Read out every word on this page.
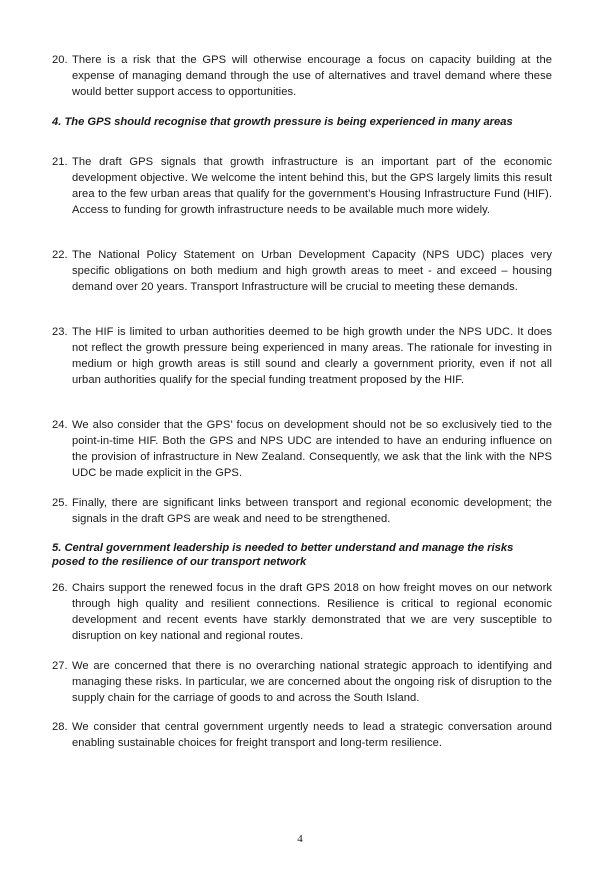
20. There is a risk that the GPS will otherwise encourage a focus on capacity building at the expense of managing demand through the use of alternatives and travel demand where these would better support access to opportunities.
4. The GPS should recognise that growth pressure is being experienced in many areas
21. The draft GPS signals that growth infrastructure is an important part of the economic development objective. We welcome the intent behind this, but the GPS largely limits this result area to the few urban areas that qualify for the government’s Housing Infrastructure Fund (HIF). Access to funding for growth infrastructure needs to be available much more widely.
22. The National Policy Statement on Urban Development Capacity (NPS UDC) places very specific obligations on both medium and high growth areas to meet - and exceed – housing demand over 20 years. Transport Infrastructure will be crucial to meeting these demands.
23. The HIF is limited to urban authorities deemed to be high growth under the NPS UDC. It does not reflect the growth pressure being experienced in many areas. The rationale for investing in medium or high growth areas is still sound and clearly a government priority, even if not all urban authorities qualify for the special funding treatment proposed by the HIF.
24. We also consider that the GPS’ focus on development should not be so exclusively tied to the point-in-time HIF. Both the GPS and NPS UDC are intended to have an enduring influence on the provision of infrastructure in New Zealand. Consequently, we ask that the link with the NPS UDC be made explicit in the GPS.
25. Finally, there are significant links between transport and regional economic development; the signals in the draft GPS are weak and need to be strengthened.
5. Central government leadership is needed to better understand and manage the risks posed to the resilience of our transport network
26. Chairs support the renewed focus in the draft GPS 2018 on how freight moves on our network through high quality and resilient connections. Resilience is critical to regional economic development and recent events have starkly demonstrated that we are very susceptible to disruption on key national and regional routes.
27. We are concerned that there is no overarching national strategic approach to identifying and managing these risks. In particular, we are concerned about the ongoing risk of disruption to the supply chain for the carriage of goods to and across the South Island.
28. We consider that central government urgently needs to lead a strategic conversation around enabling sustainable choices for freight transport and long-term resilience.
4
